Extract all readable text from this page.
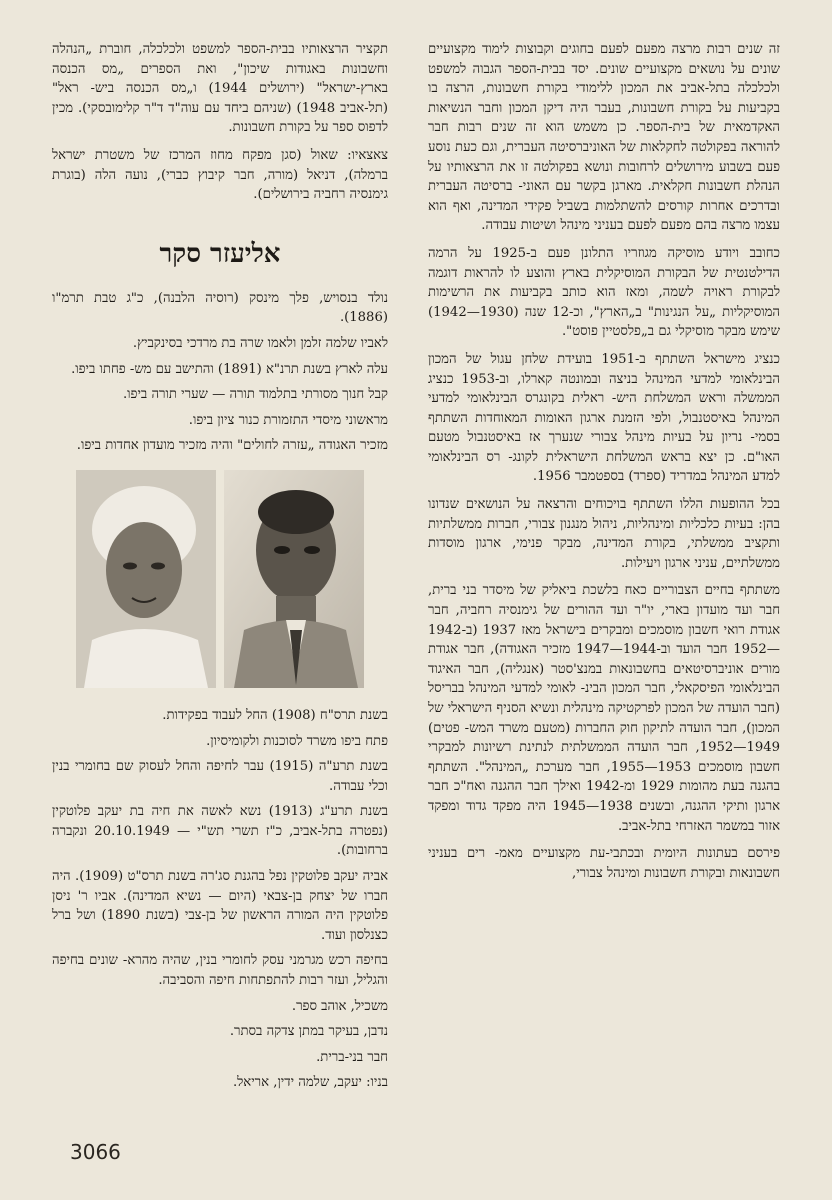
זה שנים רבות מרצה מפעם לפעם בחוגים וקבוצות לימוד מקצועיים שונים על נושאים מקצועיים שונים. יסד בבית-הספר הגבוה למשפט ולכלכלה בתל-אביב את המכון ללימודי בקורת חשבונות, הרצה בו בקביעות על בקורת חשבונות, בעבר היה דיקן המכון וחבר הנשיאות האקדמאית של בית-הספר. כן משמש הוא זה שנים רבות חבר להוראה בפקולטה לחקלאות של האוניברסיטה העברית, וגם כעת נוסע פעם בשבוע מירושלים לרחובות ונושא בפקולטה זו את הרצאותיו על הנהלת חשבונות חקלאית. מארגן בקשר עם האוני- ברסיטה העברית ובדרכים אחרות קורסים להשתלמות בשביל פקידי המדינה, ואף הוא עצמו מרצה בהם מפעם לפעם בעניני מינהל ושיטות עבודה.

כחובב ויודע מוסיקה מגוזריו התלונן פעם ב-1925 על הרמה הדילטנטית של הבקורת המוסיקלית בארץ והוצע לו להראות דוגמה לבקורת ראויה לשמה, ומאז הוא כותב בקביעות את הרשימות המוסיקליות „על הנגינות" ב„הארץ", וכ-12 שנה (1930—1942) שימש מבקר מוסיקלי גם ב„פלסטיין פוסט".

כנציג מישראל השתתף ב-1951 בועידת שלחן עגול של המכון הבינלאומי למדעי המינהל בניצה ובמונטה קארלו, וב-1953 כנציג הממשלה וראש המשלחת היש- ראלית בקונגרס הבינלאומי למדעי המינהל באיסטנבול, ולפי הזמנת ארגון האומות המאוחדות השתתף בסמי- נריון על בעיות מינהל צבורי שנערך אז באיסטנבול מטעם האו"ם. כן יצא בראש המשלחת הישראלית לקונג- רס הבינלאומי למדע המינהל במדריד (ספרד) בספטמבר 1956.

בכל ההופעות הללו השתתף בויכוחים והרצאה על הנושאים שנדונו בהן: בעיות כלכליות ומינהליות, ניהול מנגנון צבורי, חברות ממשלתיות ותקציב ממשלתי, בקורת המדינה, מבקר פנימי, ארגון מוסדות ממשלתיים, עניני ארגון ויעילות.

משתתף בחיים הצבוריים כאח בלשכת ביאליק של מיסדר בני ברית, חבר ועד מועדון בארי, יו"ר ועד ההורים של גימנסיה רחביה, חבר אגודת רואי חשבון מוסמכים ומבקרים בישראל מאז 1937 (ב-1942—1952 חבר הועד וב-1944—1947 מזכיר האגודה), חבר אגודת מורים אוניברסיטאים בחשבונאות במנצ'סטר (אנגליה), חבר האיגוד הבינלאומי הפיסקאלי, חבר המכון הבינ- לאומי למדעי המינהל בבריסל (חבר הועדה של המכון לפרקטיקה מינהלית ונשיא הסניף הישראלי של המכון), חבר הועדה לתיקון חוק החברות (מטעם משרד המש- פטים) 1949—1952, חבר הועדה הממשלתית לנתינת רשיונות למבקרי חשבון מוסמכים 1953—1955, חבר מערכת „המינהל". השתתף בהגנה בעת מהומות 1929 ומ-1942 ואילך חבר ההגנה ואח"כ חבר ארגון ותיקי ההגנה, ובשנים 1938—1945 היה מפקד גדוד ומפקד אזור במשמר האזרחי בתל-אביב.

פירסם בעתונות היומית ובכתבי-עת מקצועיים מאמ- רים בעניני חשבונאות ובקורת חשבונות ומינהל צבורי,

תקציר הרצאותיו בבית-הספר למשפט ולכלכלה, חוברת „הנהלה וחשבונות באגודות שיכון", ואת הספרים „מס הכנסה בארץ-ישראל" (ירושלים 1944) ו„מס הכנסה ביש- ראל" (תל-אביב 1948) (שניהם ביחד עם עוה"ד ד"ר קלימובסקי). מכין לדפוס ספר על בקורת חשבונות.

צאצאיו: שאול (סגן מפקח מחוז המרכז של משטרת ישראל ברמלה), דניאל (מורה, חבר קיבוץ כברי), נועה הלה (בוגרת גימנסיה רחביה בירושלים).

אליעזר סקר

נולד בנסויש, פלך מינסק (רוסיה הלבנה), כ"ג טבת תרמ"ו (1886).

לאביו שלמה זלמן ולאמו שרה בת מרדכי בסינקביץ.

עלה לארץ בשנת תרנ"א (1891) והתישב עם מש- פחתו ביפו.

קבל חנוך מסורתי בתלמוד תורה — שערי תורה ביפו.

מראשוני מיסדי התזמורת כנור ציון ביפו.

מזכיר האגודה „עזרה לחולים" והיה מזכיר מועדון אחדות ביפו.

בשנת תרס"ח (1908) החל לעבוד בפקידות.

פתח ביפו משרד לסוכנות ולקומיסיון.

בשנת תרע"ה (1915) עבר לחיפה והחל לעסוק שם בחומרי בנין וכלי עבודה.

בשנת תרע"ג (1913) נשא לאשה את חיה בת יעקב פלוטקין (נפטרה בתל-אביב, כ"ז תשרי תש"י — 20.10.1949 ונקברה ברחובות).

אביה יעקב פלוטקין נפל בהגנת סג'רה בשנת תרס"ט (1909). היה חברו של יצחק בן-צבאי (היום — נשיא המדינה). אביו ר' ניסן פלוטקין היה המורה הראשון של בן-צבי (בשנת 1890) ושל ברל כצנלסון ועוד.

בחיפה רכש מגרמני עסק לחומרי בנין, שהיה מהרא- שונים בחיפה והגליל, ועזר רבות להתפתחות חיפה והסביבה.

משכיל, אוהב ספר.

נדבן, בעיקר במתן צדקה בסתר.

חבר בני-ברית.

בניו: יעקב, שלמה ידין, אריאל.

3066
